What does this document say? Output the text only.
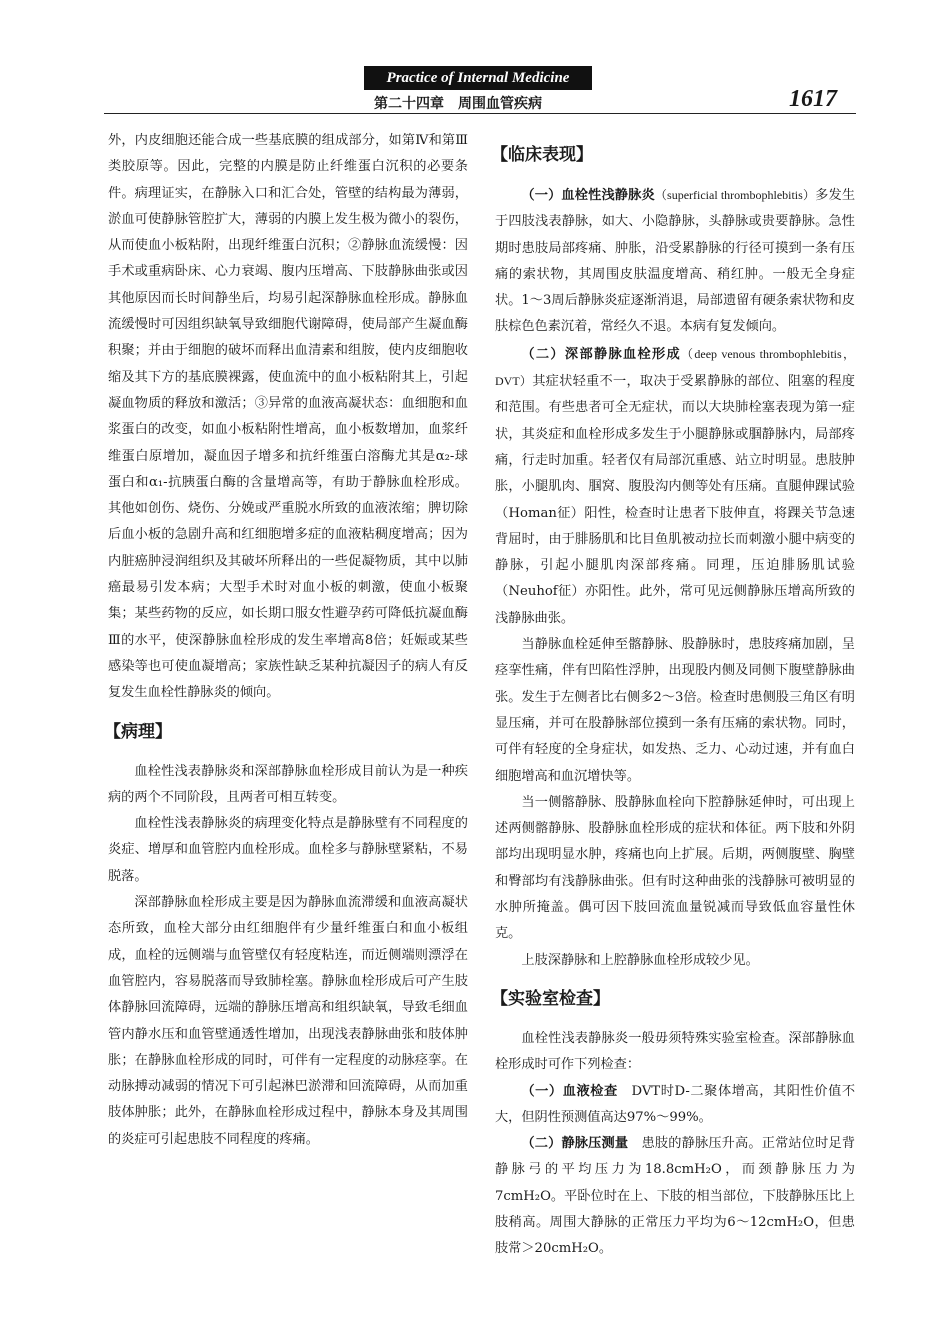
Practice of Internal Medicine
第二十四章　周围血管疾病	1617

外，内皮细胞还能合成一些基底膜的组成部分，如第Ⅳ和第Ⅲ类胶原等。因此，完整的内膜是防止纤维蛋白沉积的必要条件。病理证实，在静脉入口和汇合处，管壁的结构最为薄弱，淤血可使静脉管腔扩大，薄弱的内膜上发生极为微小的裂伤，从而使血小板粘附，出现纤维蛋白沉积；②静脉血流缓慢：因手术或重病卧床、心力衰竭、腹内压增高、下肢静脉曲张或因其他原因而长时间静坐后，均易引起深静脉血栓形成。静脉血流缓慢时可因组织缺氧导致细胞代谢障碍，使局部产生凝血酶积聚；并由于细胞的破坏而释出血清素和组胺，使内皮细胞收缩及其下方的基底膜裸露，使血流中的血小板粘附其上，引起凝血物质的释放和激活；③异常的血液高凝状态：血细胞和血浆蛋白的改变，如血小板粘附性增高，血小板数增加，血浆纤维蛋白原增加，凝血因子增多和抗纤维蛋白溶酶尤其是α₂-球蛋白和α₁-抗胰蛋白酶的含量增高等，有助于静脉血栓形成。其他如创伤、烧伤、分娩或严重脱水所致的血液浓缩；脾切除后血小板的急剧升高和红细胞增多症的血液粘稠度增高；因为内脏癌肿浸润组织及其破坏所释出的一些促凝物质，其中以肺癌最易引发本病；大型手术时对血小板的刺激，使血小板聚集；某些药物的反应，如长期口服女性避孕药可降低抗凝血酶Ⅲ的水平，使深静脉血栓形成的发生率增高8倍；妊娠或某些感染等也可使血凝增高；家族性缺乏某种抗凝因子的病人有反复发生血栓性静脉炎的倾向。

【病理】

血栓性浅表静脉炎和深部静脉血栓形成目前认为是一种疾病的两个不同阶段，且两者可相互转变。

血栓性浅表静脉炎的病理变化特点是静脉壁有不同程度的炎症、增厚和血管腔内血栓形成。血栓多与静脉壁紧粘，不易脱落。

深部静脉血栓形成主要是因为静脉血流滞缓和血液高凝状态所致，血栓大部分由红细胞伴有少量纤维蛋白和血小板组成，血栓的远侧端与血管壁仅有轻度粘连，而近侧端则漂浮在血管腔内，容易脱落而导致肺栓塞。静脉血栓形成后可产生肢体静脉回流障碍，远端的静脉压增高和组织缺氧，导致毛细血管内静水压和血管壁通透性增加，出现浅表静脉曲张和肢体肿胀；在静脉血栓形成的同时，可伴有一定程度的动脉痉挛。在动脉搏动减弱的情况下可引起淋巴淤滞和回流障碍，从而加重肢体肿胀；此外，在静脉血栓形成过程中，静脉本身及其周围的炎症可引起患肢不同程度的疼痛。

【临床表现】

（一）血栓性浅静脉炎（superficial thrombophlebitis）多发生于四肢浅表静脉，如大、小隐静脉，头静脉或贵要静脉。急性期时患肢局部疼痛、肿胀，沿受累静脉的行径可摸到一条有压痛的索状物，其周围皮肤温度增高、稍红肿。一般无全身症状。1～3周后静脉炎症逐渐消退，局部遗留有硬条索状物和皮肤棕色色素沉着，常经久不退。本病有复发倾向。

（二）深部静脉血栓形成（deep venous thrombophlebitis，DVT）其症状轻重不一，取决于受累静脉的部位、阻塞的程度和范围。有些患者可全无症状，而以大块肺栓塞表现为第一症状，其炎症和血栓形成多发生于小腿静脉或腘静脉内，局部疼痛，行走时加重。轻者仅有局部沉重感、站立时明显。患肢肿胀，小腿肌肉、腘窝、腹股沟内侧等处有压痛。直腿伸踝试验（Homan征）阳性，检查时让患者下肢伸直，将踝关节急速背屈时，由于腓肠肌和比目鱼肌被动拉长而刺激小腿中病变的静脉，引起小腿肌肉深部疼痛。同理，压迫腓肠肌试验（Neuhof征）亦阳性。此外，常可见远侧静脉压增高所致的浅静脉曲张。

当静脉血栓延伸至髂静脉、股静脉时，患肢疼痛加剧，呈痉挛性痛，伴有凹陷性浮肿，出现股内侧及同侧下腹壁静脉曲张。发生于左侧者比右侧多2～3倍。检查时患侧股三角区有明显压痛，并可在股静脉部位摸到一条有压痛的索状物。同时，可伴有轻度的全身症状，如发热、乏力、心动过速，并有血白细胞增高和血沉增快等。

当一侧髂静脉、股静脉血栓向下腔静脉延伸时，可出现上述两侧髂静脉、股静脉血栓形成的症状和体征。两下肢和外阴部均出现明显水肿，疼痛也向上扩展。后期，两侧腹壁、胸壁和臀部均有浅静脉曲张。但有时这种曲张的浅静脉可被明显的水肿所掩盖。偶可因下肢回流血量锐减而导致低血容量性休克。

上肢深静脉和上腔静脉血栓形成较少见。

【实验室检查】

血栓性浅表静脉炎一般毋须特殊实验室检查。深部静脉血栓形成时可作下列检查：

（一）血液检查　 DVT时D-二聚体增高，其阳性价值不大，但阴性预测值高达97%～99%。

（二）静脉压测量　 患肢的静脉压升高。正常站位时足背静脉弓的平均压力为18.8cmH₂O，而颈静脉压力为7cmH₂O。平卧位时在上、下肢的相当部位，下肢静脉压比上肢稍高。周围大静脉的正常压力平均为6～12cmH₂O，但患肢常＞20cmH₂O。
